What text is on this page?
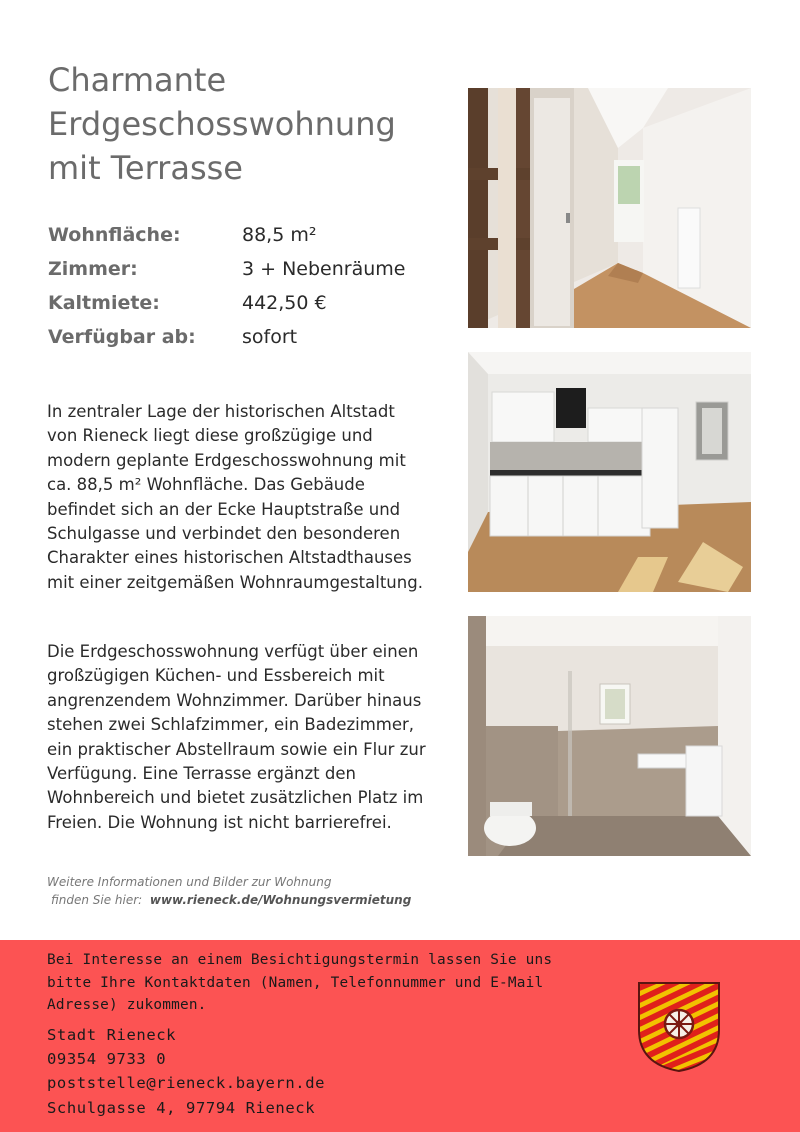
Charmante Erdgeschosswohnung mit Terrasse
Wohnfläche:	88,5 m²
Zimmer:	3 + Nebenräume
Kaltmiete:	442,50 €
Verfügbar ab: sofort

In zentraler Lage der historischen Altstadt von Rieneck liegt diese großzügige und modern geplante Erdgeschosswohnung mit ca. 88,5 m² Wohnfläche. Das Gebäude befindet sich an der Ecke Hauptstraße und Schulgasse und verbindet den besonderen Charakter eines historischen Altstadthauses mit einer zeitgemäßen Wohnraumgestaltung.

Die Erdgeschosswohnung verfügt über einen großzügigen Küchen- und Essbereich mit angrenzendem Wohnzimmer. Darüber hinaus stehen zwei Schlafzimmer, ein Badezimmer, ein praktischer Abstellraum sowie ein Flur zur Verfügung. Eine Terrasse ergänzt den Wohnbereich und bietet zusätzlichen Platz im Freien. Die Wohnung ist nicht barrierefrei.

Weitere Informationen und Bilder zur Wohnung
finden Sie hier: www.rieneck.de/Wohnungsvermietung

Bei Interesse an einem Besichtigungstermin lassen Sie uns bitte Ihre Kontaktdaten (Namen, Telefonnummer und E-Mail Adresse) zukommen.

Stadt Rieneck
09354 9733 0
poststelle@rieneck.bayern.de
Schulgasse 4, 97794 Rieneck
